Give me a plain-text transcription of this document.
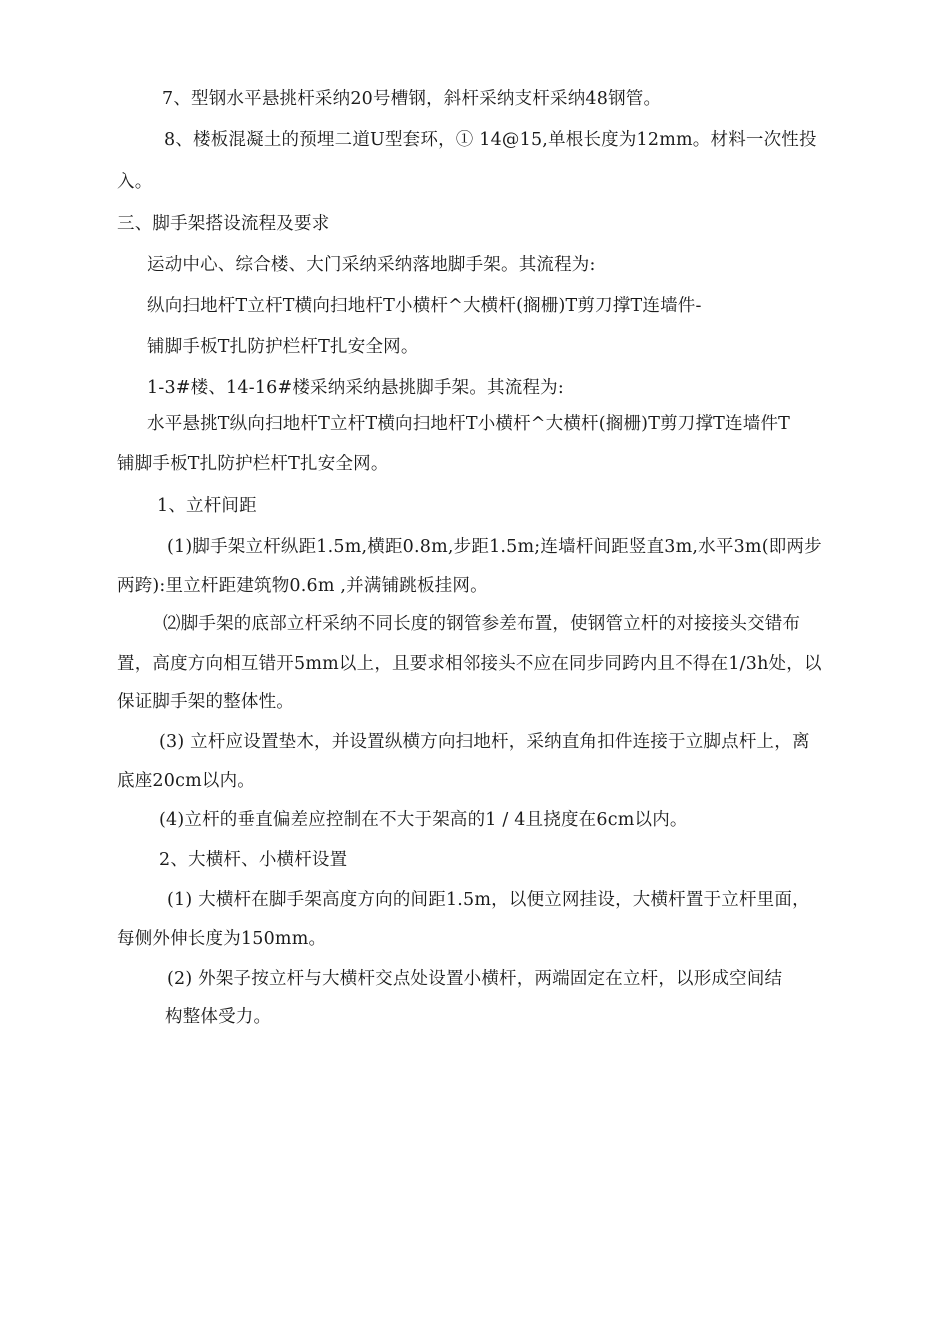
7、型钢水平悬挑杆采纳20号槽钢，斜杆采纳支杆采纳48钢管。
8、楼板混凝土的预埋二道U型套环，① 14@15,单根长度为12mm。材料一次性投
入。
三、脚手架搭设流程及要求
运动中心、综合楼、大门采纳采纳落地脚手架。其流程为:
纵向扫地杆T立杆T横向扫地杆T小横杆^大横杆(搁栅)T剪刀撑T连墙件-
铺脚手板T扎防护栏杆T扎安全网。
1-3#楼、14-16#楼采纳采纳悬挑脚手架。其流程为:
水平悬挑T纵向扫地杆T立杆T横向扫地杆T小横杆^大横杆(搁栅)T剪刀撑T连墙件T
铺脚手板T扎防护栏杆T扎安全网。
1、立杆间距
(1)脚手架立杆纵距1.5m,横距0.8m,步距1.5m;连墙杆间距竖直3m,水平3m(即两步
两跨):里立杆距建筑物0.6m ,并满铺跳板挂网。
⑵脚手架的底部立杆采纳不同长度的钢管参差布置，使钢管立杆的对接接头交错布
置，高度方向相互错开5mm以上，且要求相邻接头不应在同步同跨内且不得在1/3h处，以
保证脚手架的整体性。
(3) 立杆应设置垫木，并设置纵横方向扫地杆，采纳直角扣件连接于立脚点杆上，离
底座20cm以内。
(4)立杆的垂直偏差应控制在不大于架高的1 / 4且挠度在6cm以内。
2、大横杆、小横杆设置
(1) 大横杆在脚手架高度方向的间距1.5m，以便立网挂设，大横杆置于立杆里面，
每侧外伸长度为150mm。
(2) 外架子按立杆与大横杆交点处设置小横杆，两端固定在立杆，以形成空间结
构整体受力。
